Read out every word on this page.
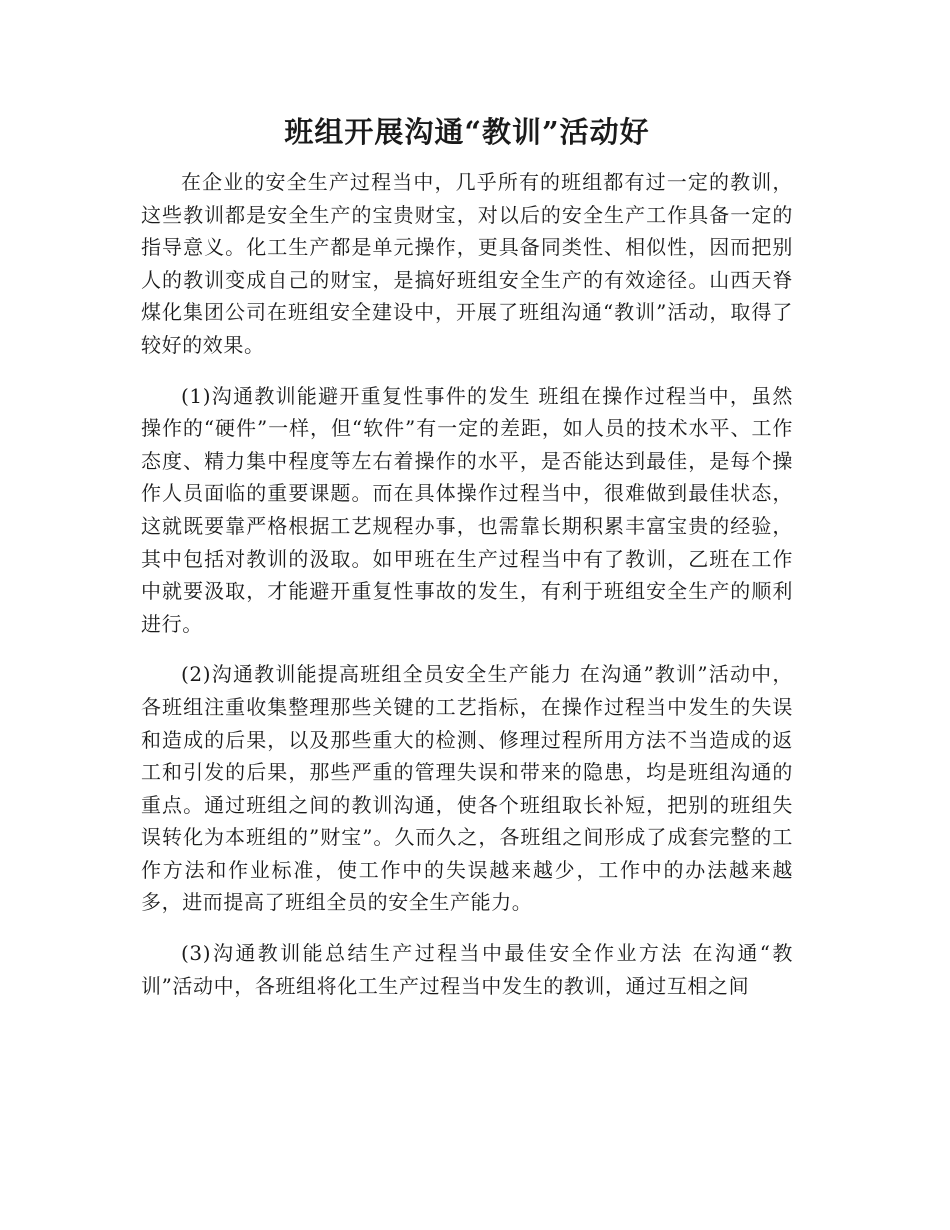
班组开展沟通“教训”活动好

在企业的安全生产过程当中，几乎所有的班组都有过一定的教训，这些教训都是安全生产的宝贵财宝，对以后的安全生产工作具备一定的指导意义。化工生产都是单元操作，更具备同类性、相似性，因而把别人的教训变成自己的财宝，是搞好班组安全生产的有效途径。山西天脊煤化集团公司在班组安全建设中，开展了班组沟通“教训”活动，取得了较好的效果。

(1)沟通教训能避开重复性事件的发生 班组在操作过程当中，虽然操作的“硬件”一样，但“软件”有一定的差距，如人员的技术水平、工作态度、精力集中程度等左右着操作的水平，是否能达到最佳，是每个操作人员面临的重要课题。而在具体操作过程当中，很难做到最佳状态，这就既要靠严格根据工艺规程办事，也需靠长期积累丰富宝贵的经验，其中包括对教训的汲取。如甲班在生产过程当中有了教训，乙班在工作中就要汲取，才能避开重复性事故的发生，有利于班组安全生产的顺利进行。

(2)沟通教训能提高班组全员安全生产能力 在沟通”教训”活动中，各班组注重收集整理那些关键的工艺指标，在操作过程当中发生的失误和造成的后果，以及那些重大的检测、修理过程所用方法不当造成的返工和引发的后果，那些严重的管理失误和带来的隐患，均是班组沟通的重点。通过班组之间的教训沟通，使各个班组取长补短，把别的班组失误转化为本班组的”财宝”。久而久之，各班组之间形成了成套完整的工作方法和作业标准，使工作中的失误越来越少，工作中的办法越来越多，进而提高了班组全员的安全生产能力。

(3)沟通教训能总结生产过程当中最佳安全作业方法 在沟通“教训”活动中，各班组将化工生产过程当中发生的教训，通过互相之间
